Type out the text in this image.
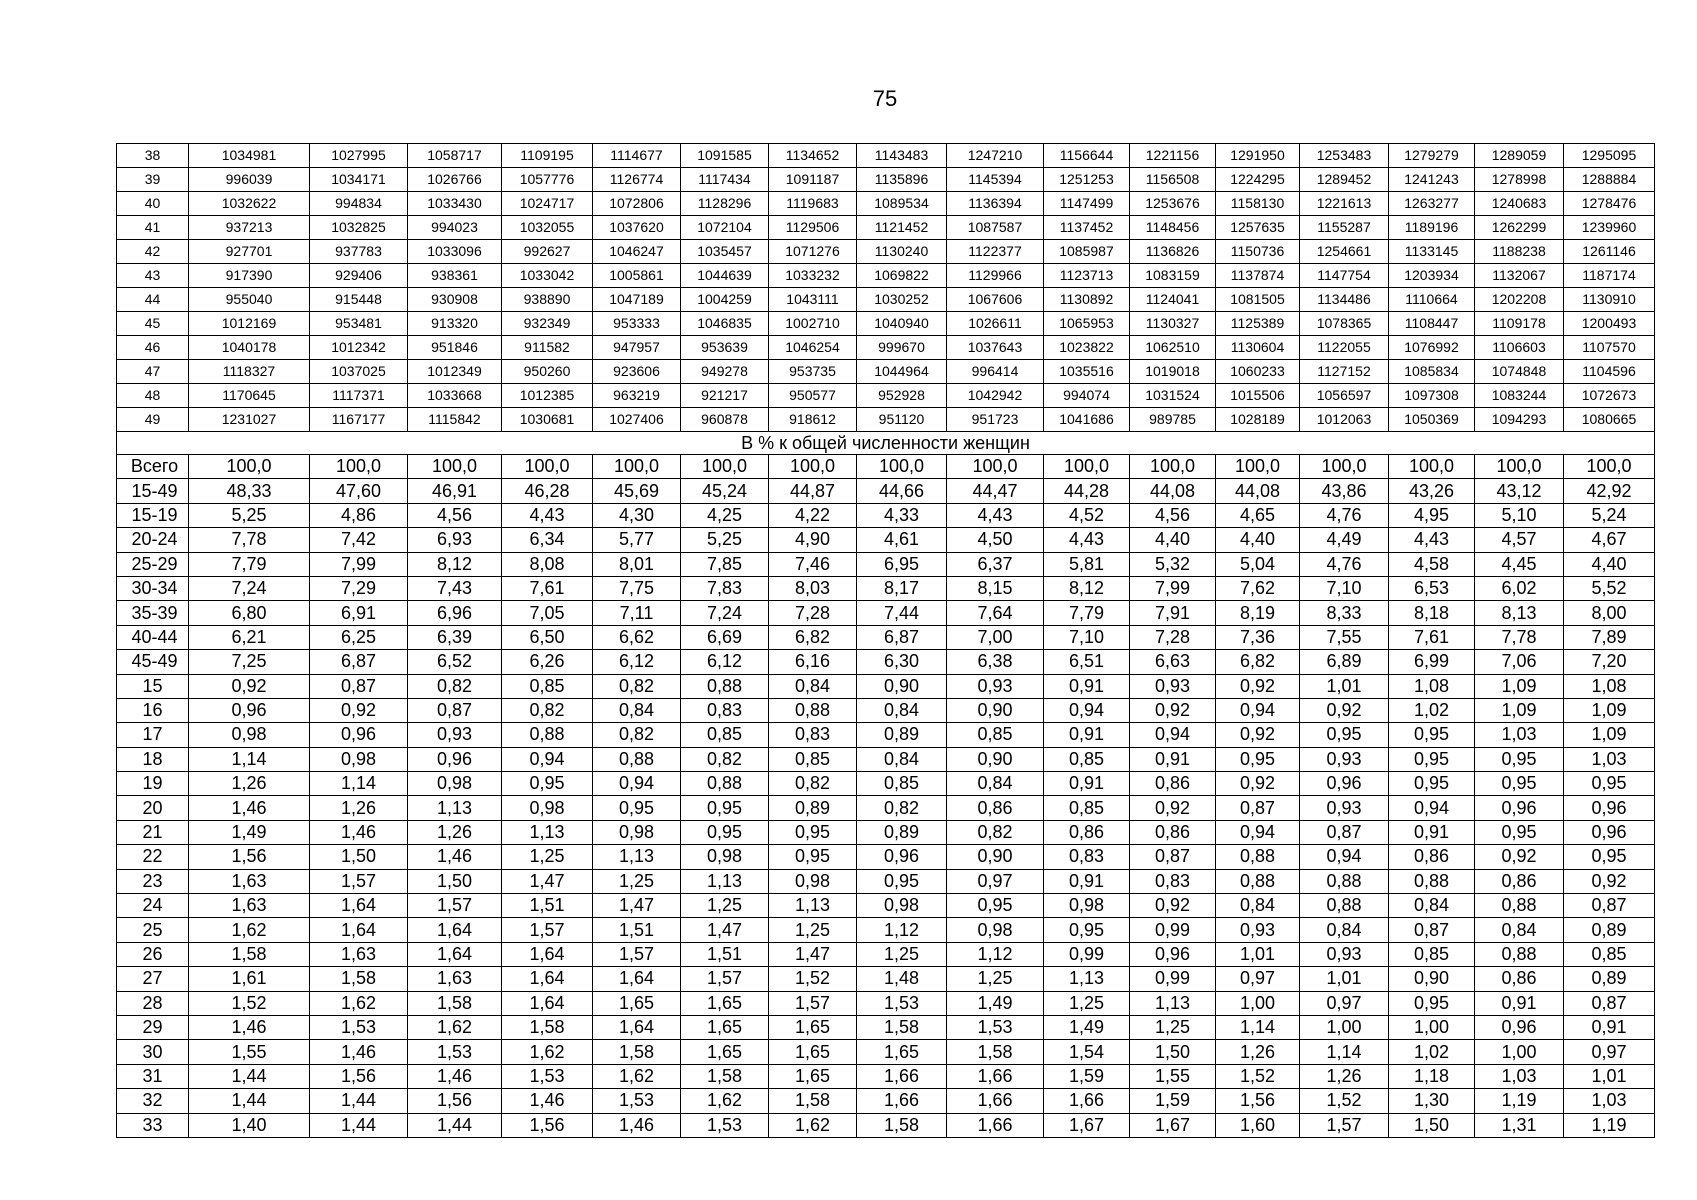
75
38	1034981	1027995	1058717	1109195	1114677	1091585	1134652	1143483	1247210	1156644	1221156	1291950	1253483	1279279	1289059	1295095
39	996039	1034171	1026766	1057776	1126774	1117434	1091187	1135896	1145394	1251253	1156508	1224295	1289452	1241243	1278998	1288884
40	1032622	994834	1033430	1024717	1072806	1128296	1119683	1089534	1136394	1147499	1253676	1158130	1221613	1263277	1240683	1278476
41	937213	1032825	994023	1032055	1037620	1072104	1129506	1121452	1087587	1137452	1148456	1257635	1155287	1189196	1262299	1239960
42	927701	937783	1033096	992627	1046247	1035457	1071276	1130240	1122377	1085987	1136826	1150736	1254661	1133145	1188238	1261146
43	917390	929406	938361	1033042	1005861	1044639	1033232	1069822	1129966	1123713	1083159	1137874	1147754	1203934	1132067	1187174
44	955040	915448	930908	938890	1047189	1004259	1043111	1030252	1067606	1130892	1124041	1081505	1134486	1110664	1202208	1130910
45	1012169	953481	913320	932349	953333	1046835	1002710	1040940	1026611	1065953	1130327	1125389	1078365	1108447	1109178	1200493
46	1040178	1012342	951846	911582	947957	953639	1046254	999670	1037643	1023822	1062510	1130604	1122055	1076992	1106603	1107570
47	1118327	1037025	1012349	950260	923606	949278	953735	1044964	996414	1035516	1019018	1060233	1127152	1085834	1074848	1104596
48	1170645	1117371	1033668	1012385	963219	921217	950577	952928	1042942	994074	1031524	1015506	1056597	1097308	1083244	1072673
49	1231027	1167177	1115842	1030681	1027406	960878	918612	951120	951723	1041686	989785	1028189	1012063	1050369	1094293	1080665
В % к общей численности женщин																
Всего	100,0	100,0	100,0	100,0	100,0	100,0	100,0	100,0	100,0	100,0	100,0	100,0	100,0	100,0	100,0	100,0
15-49	48,33	47,60	46,91	46,28	45,69	45,24	44,87	44,66	44,47	44,28	44,08	44,08	43,86	43,26	43,12	42,92
15-19	5,25	4,86	4,56	4,43	4,30	4,25	4,22	4,33	4,43	4,52	4,56	4,65	4,76	4,95	5,10	5,24
20-24	7,78	7,42	6,93	6,34	5,77	5,25	4,90	4,61	4,50	4,43	4,40	4,40	4,49	4,43	4,57	4,67
25-29	7,79	7,99	8,12	8,08	8,01	7,85	7,46	6,95	6,37	5,81	5,32	5,04	4,76	4,58	4,45	4,40
30-34	7,24	7,29	7,43	7,61	7,75	7,83	8,03	8,17	8,15	8,12	7,99	7,62	7,10	6,53	6,02	5,52
35-39	6,80	6,91	6,96	7,05	7,11	7,24	7,28	7,44	7,64	7,79	7,91	8,19	8,33	8,18	8,13	8,00
40-44	6,21	6,25	6,39	6,50	6,62	6,69	6,82	6,87	7,00	7,10	7,28	7,36	7,55	7,61	7,78	7,89
45-49	7,25	6,87	6,52	6,26	6,12	6,12	6,16	6,30	6,38	6,51	6,63	6,82	6,89	6,99	7,06	7,20
15	0,92	0,87	0,82	0,85	0,82	0,88	0,84	0,90	0,93	0,91	0,93	0,92	1,01	1,08	1,09	1,08
16	0,96	0,92	0,87	0,82	0,84	0,83	0,88	0,84	0,90	0,94	0,92	0,94	0,92	1,02	1,09	1,09
17	0,98	0,96	0,93	0,88	0,82	0,85	0,83	0,89	0,85	0,91	0,94	0,92	0,95	0,95	1,03	1,09
18	1,14	0,98	0,96	0,94	0,88	0,82	0,85	0,84	0,90	0,85	0,91	0,95	0,93	0,95	0,95	1,03
19	1,26	1,14	0,98	0,95	0,94	0,88	0,82	0,85	0,84	0,91	0,86	0,92	0,96	0,95	0,95	0,95
20	1,46	1,26	1,13	0,98	0,95	0,95	0,89	0,82	0,86	0,85	0,92	0,87	0,93	0,94	0,96	0,96
21	1,49	1,46	1,26	1,13	0,98	0,95	0,95	0,89	0,82	0,86	0,86	0,94	0,87	0,91	0,95	0,96
22	1,56	1,50	1,46	1,25	1,13	0,98	0,95	0,96	0,90	0,83	0,87	0,88	0,94	0,86	0,92	0,95
23	1,63	1,57	1,50	1,47	1,25	1,13	0,98	0,95	0,97	0,91	0,83	0,88	0,88	0,88	0,86	0,92
24	1,63	1,64	1,57	1,51	1,47	1,25	1,13	0,98	0,95	0,98	0,92	0,84	0,88	0,84	0,88	0,87
25	1,62	1,64	1,64	1,57	1,51	1,47	1,25	1,12	0,98	0,95	0,99	0,93	0,84	0,87	0,84	0,89
26	1,58	1,63	1,64	1,64	1,57	1,51	1,47	1,25	1,12	0,99	0,96	1,01	0,93	0,85	0,88	0,85
27	1,61	1,58	1,63	1,64	1,64	1,57	1,52	1,48	1,25	1,13	0,99	0,97	1,01	0,90	0,86	0,89
28	1,52	1,62	1,58	1,64	1,65	1,65	1,57	1,53	1,49	1,25	1,13	1,00	0,97	0,95	0,91	0,87
29	1,46	1,53	1,62	1,58	1,64	1,65	1,65	1,58	1,53	1,49	1,25	1,14	1,00	1,00	0,96	0,91
30	1,55	1,46	1,53	1,62	1,58	1,65	1,65	1,65	1,58	1,54	1,50	1,26	1,14	1,02	1,00	0,97
31	1,44	1,56	1,46	1,53	1,62	1,58	1,65	1,66	1,66	1,59	1,55	1,52	1,26	1,18	1,03	1,01
32	1,44	1,44	1,56	1,46	1,53	1,62	1,58	1,66	1,66	1,66	1,59	1,56	1,52	1,30	1,19	1,03
33	1,40	1,44	1,44	1,56	1,46	1,53	1,62	1,58	1,66	1,67	1,67	1,60	1,57	1,50	1,31	1,19
